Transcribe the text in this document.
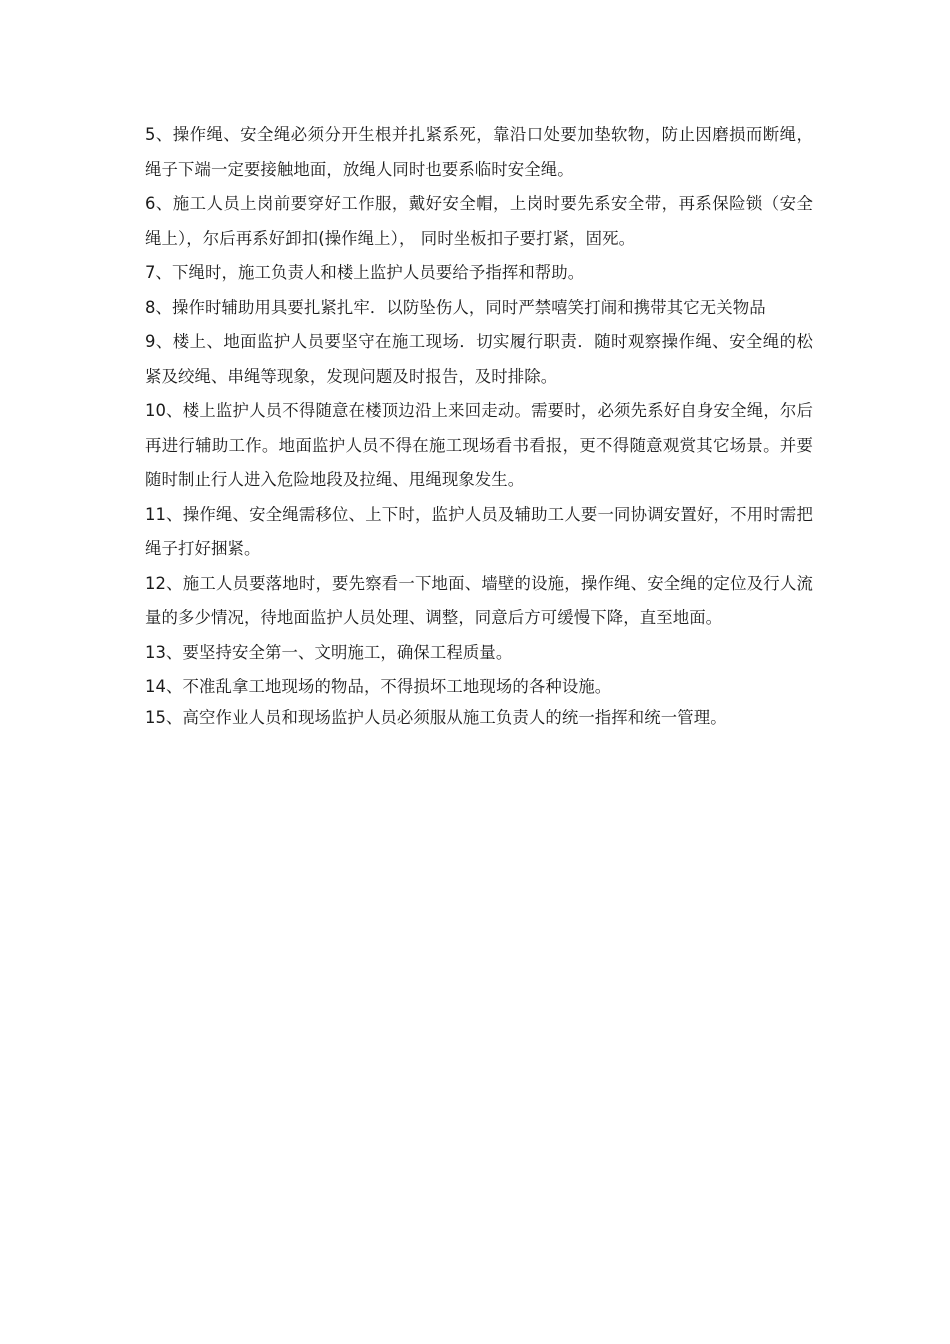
5、操作绳、安全绳必须分开生根并扎紧系死，靠沿口处要加垫软物，防止因磨损而断绳，绳子下端一定要接触地面，放绳人同时也要系临时安全绳。

6、施工人员上岗前要穿好工作服，戴好安全帽，上岗时要先系安全带，再系保险锁（安全绳上），尔后再系好卸扣(操作绳上）， 同时坐板扣子要打紧，固死。

7、下绳时，施工负责人和楼上监护人员要给予指挥和帮助。

8、操作时辅助用具要扎紧扎牢．以防坠伤人，同时严禁嘻笑打闹和携带其它无关物品

9、楼上、地面监护人员要坚守在施工现场．切实履行职责．随时观察操作绳、安全绳的松紧及绞绳、串绳等现象，发现问题及时报告，及时排除。

10、楼上监护人员不得随意在楼顶边沿上来回走动。需要时，必须先系好自身安全绳，尔后再进行辅助工作。地面监护人员不得在施工现场看书看报，更不得随意观赏其它场景。并要随时制止行人进入危险地段及拉绳、甩绳现象发生。

11、操作绳、安全绳需移位、上下时，监护人员及辅助工人要一同协调安置好，不用时需把绳子打好捆紧。

12、施工人员要落地时，要先察看一下地面、墙壁的设施，操作绳、安全绳的定位及行人流量的多少情况，待地面监护人员处理、调整，同意后方可缓慢下降，直至地面。

13、要坚持安全第一、文明施工，确保工程质量。

14、不准乱拿工地现场的物品，不得损坏工地现场的各种设施。

15、高空作业人员和现场监护人员必须服从施工负责人的统一指挥和统一管理。
